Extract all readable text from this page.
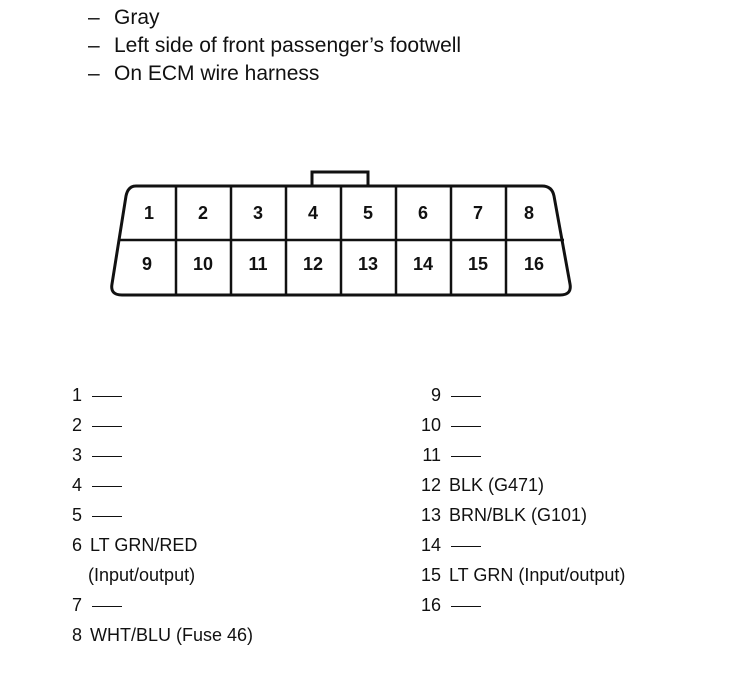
– Gray
– Left side of front passenger’s footwell
– On ECM wire harness
1 2 3 4 5 6 7 8
9 10 11 12 13 14 15 16
1
2
3
4
5
6 LT GRN/RED
(Input/output)
7
8 WHT/BLU (Fuse 46)
9
10
11
12 BLK (G471)
13 BRN/BLK (G101)
14
15 LT GRN (Input/output)
16
